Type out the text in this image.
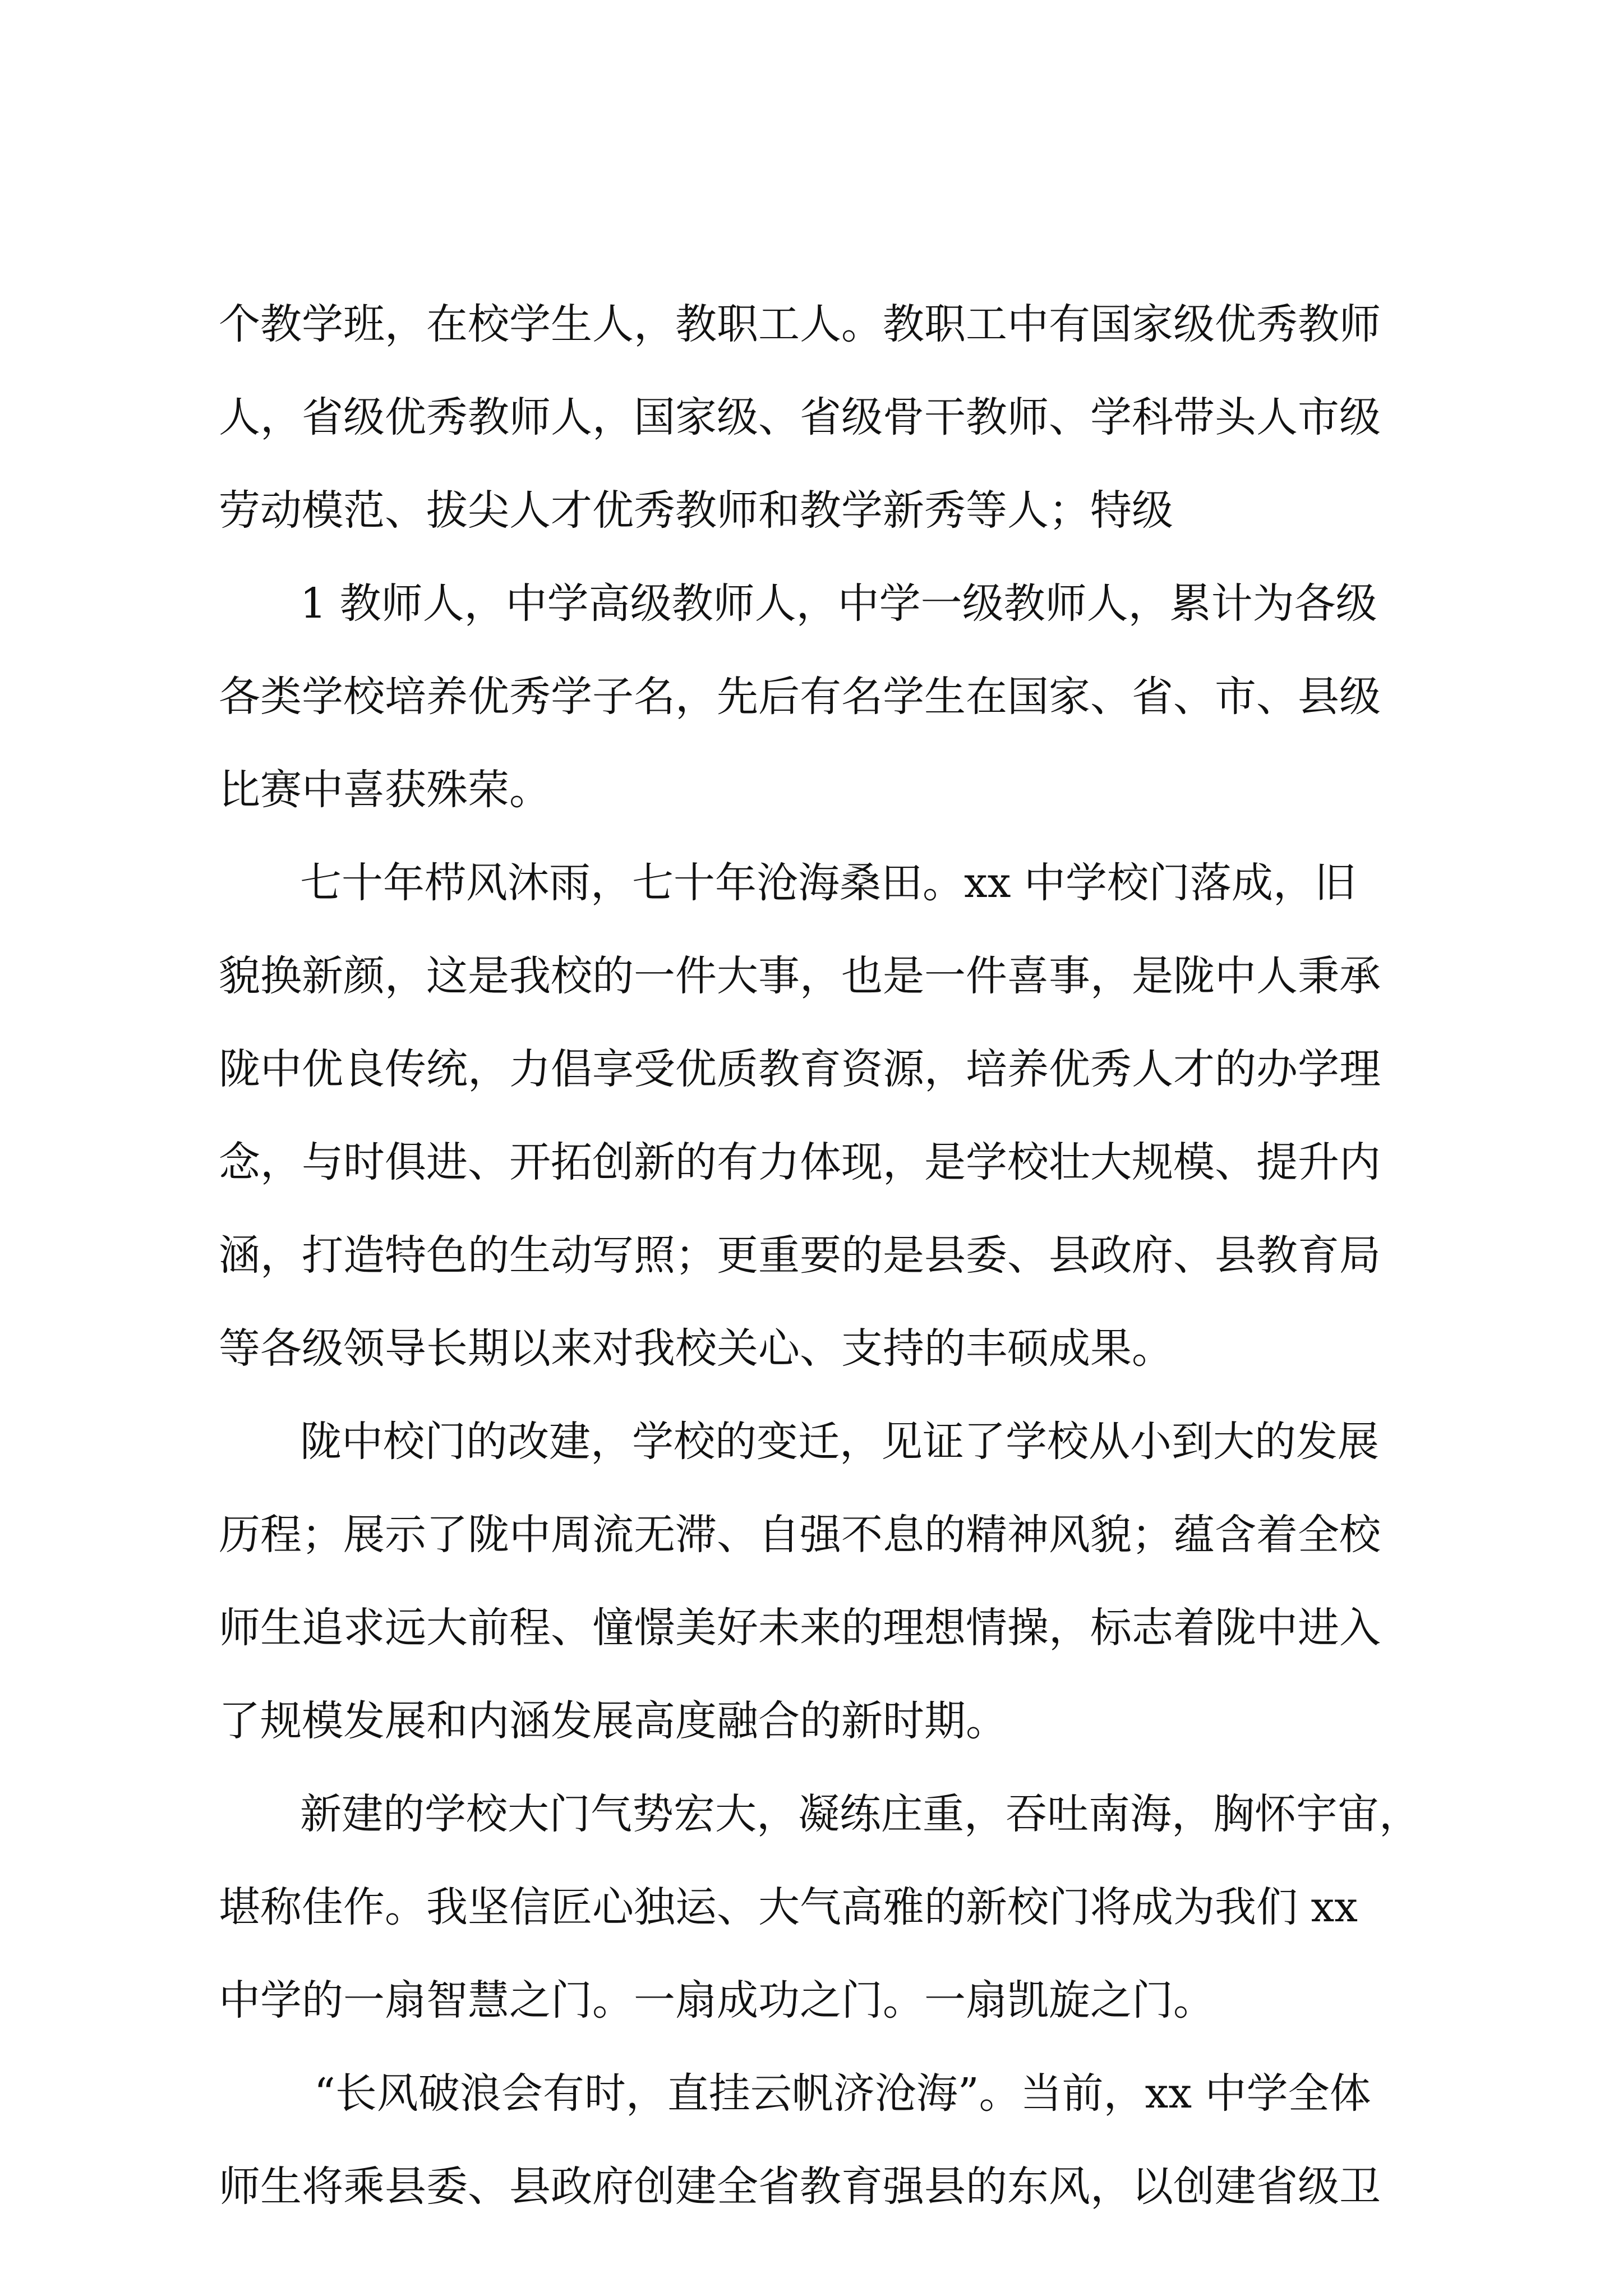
个教学班，在校学生人，教职工人。教职工中有国家级优秀教师

人，省级优秀教师人，国家级、省级骨干教师、学科带头人市级

劳动模范、拔尖人才优秀教师和教学新秀等人；特级

1 教师人，中学高级教师人，中学一级教师人，累计为各级

各类学校培养优秀学子名，先后有名学生在国家、省、市、县级

比赛中喜获殊荣。

七十年栉风沐雨，七十年沧海桑田。xx 中学校门落成，旧

貌换新颜，这是我校的一件大事，也是一件喜事，是陇中人秉承

陇中优良传统，力倡享受优质教育资源，培养优秀人才的办学理

念，与时俱进、开拓创新的有力体现，是学校壮大规模、提升内

涵，打造特色的生动写照；更重要的是县委、县政府、县教育局

等各级领导长期以来对我校关心、支持的丰硕成果。

陇中校门的改建，学校的变迁，见证了学校从小到大的发展

历程；展示了陇中周流无滞、自强不息的精神风貌；蕴含着全校

师生追求远大前程、憧憬美好未来的理想情操，标志着陇中进入

了规模发展和内涵发展高度融合的新时期。

新建的学校大门气势宏大，凝练庄重，吞吐南海，胸怀宇宙，

堪称佳作。我坚信匠心独运、大气高雅的新校门将成为我们 xx

中学的一扇智慧之门。一扇成功之门。一扇凯旋之门。

“长风破浪会有时，直挂云帆济沧海”。当前，xx 中学全体

师生将乘县委、县政府创建全省教育强县的东风，以创建省级卫
